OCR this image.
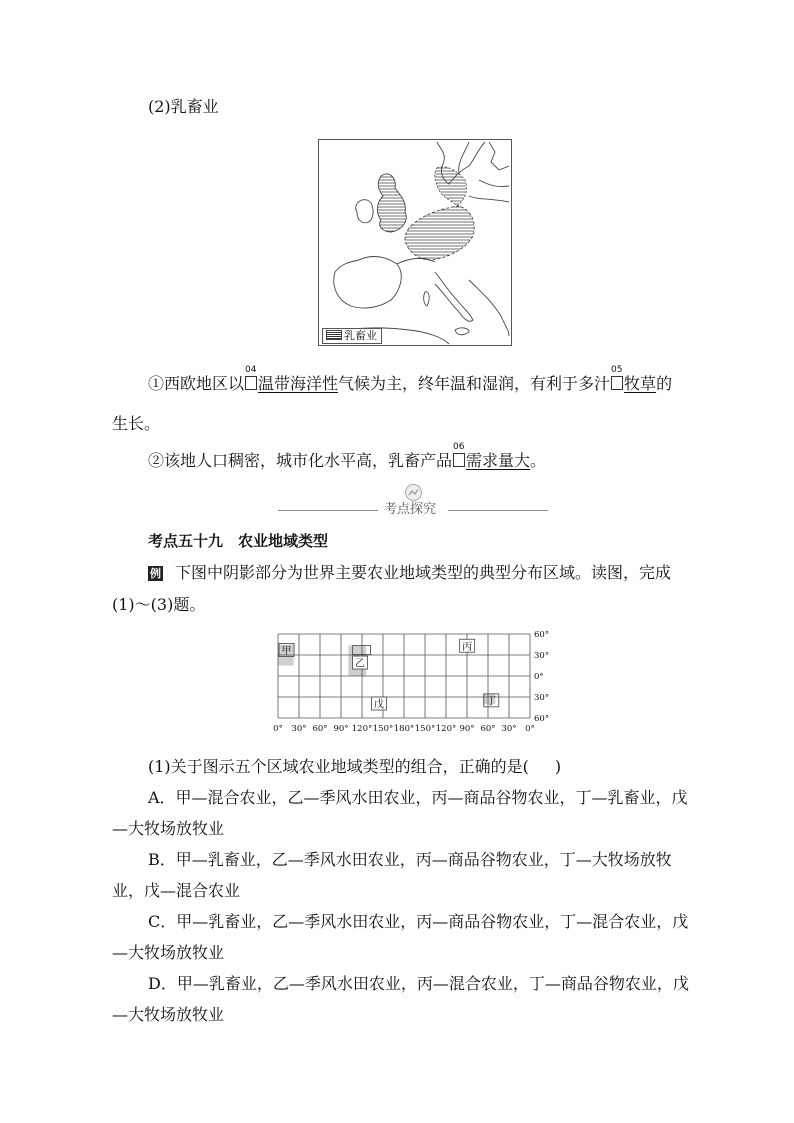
(2)乳畜业
乳畜业
①西欧地区以
04
温带海洋性气候为主，终年温和湿润，有利于多汁
05
牧草的
生长。
②该地人口稠密，城市化水平高，乳畜产品
06
需求量大。
考点探究
考点五十九　农业地域类型
例 下图中阴影部分为世界主要农业地域类型的典型分布区域。读图，完成
(1)～(3)题。
甲
乙
丙
丁
戊
0° 30° 60° 90° 120° 150° 180° 150° 120° 90° 60° 30° 0°
60°
30°
0°
30°
60°
(1)关于图示五个区域农业地域类型的组合，正确的是( )
A．甲—混合农业，乙—季风水田农业，丙—商品谷物农业，丁—乳畜业，戊
—大牧场放牧业
B．甲—乳畜业，乙—季风水田农业，丙—商品谷物农业，丁—大牧场放牧
业，戊—混合农业
C．甲—乳畜业，乙—季风水田农业，丙—商品谷物农业，丁—混合农业，戊
—大牧场放牧业
D．甲—乳畜业，乙—季风水田农业，丙—混合农业，丁—商品谷物农业，戊
—大牧场放牧业
